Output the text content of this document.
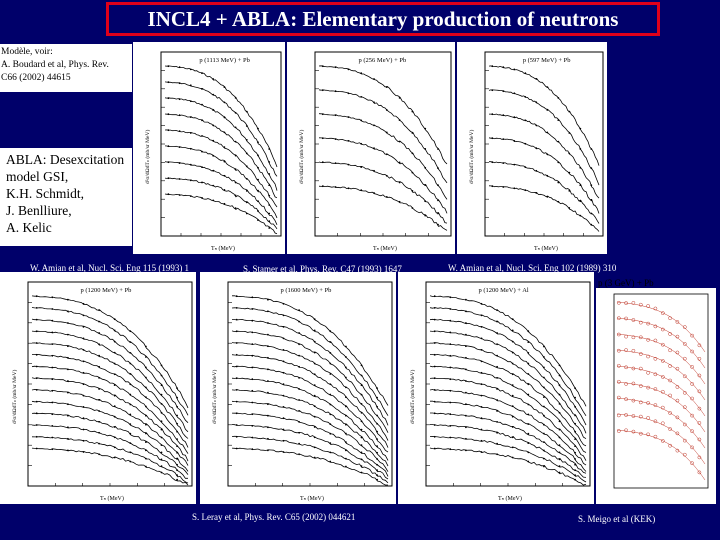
INCL4 + ABLA: Elementary production of neutrons
Modèle, voir:
A. Boudard et al, Phys. Rev.
C66 (2002) 44615
ABLA: Desexcitation
model GSI,
K.H. Schmidt,
J. Benlliure,
A. Kelic
p (1113 MeV) + Pb
d²σ/dΩdTₙ (mb/sr MeV)
Tₙ (MeV)
p (256 MeV) + Pb
d²σ/dΩdTₙ (mb/sr MeV)
Tₙ (MeV)
p (597 MeV) + Pb
d²σ/dΩdTₙ (mb/sr MeV)
Tₙ (MeV)
p (1200 MeV) + Pb
d²σ/dΩdTₙ (mb/sr MeV)
Tₙ (MeV)
p (1600 MeV) + Pb
d²σ/dΩdTₙ (mb/sr MeV)
Tₙ (MeV)
p (1200 MeV) + Al
d²σ/dΩdTₙ (mb/sr MeV)
Tₙ (MeV)
W. Amian et al, Nucl. Sci. Eng 115 (1993) 1	S. Stamer et al, Phys. Rev. C47 (1993) 1647	W. Amian et al, Nucl. Sci. Eng 102 (1989) 310
p (3 GeV) + Pb
S. Leray et al, Phys. Rev. C65 (2002) 044621	S. Meigo et al (KEK)
